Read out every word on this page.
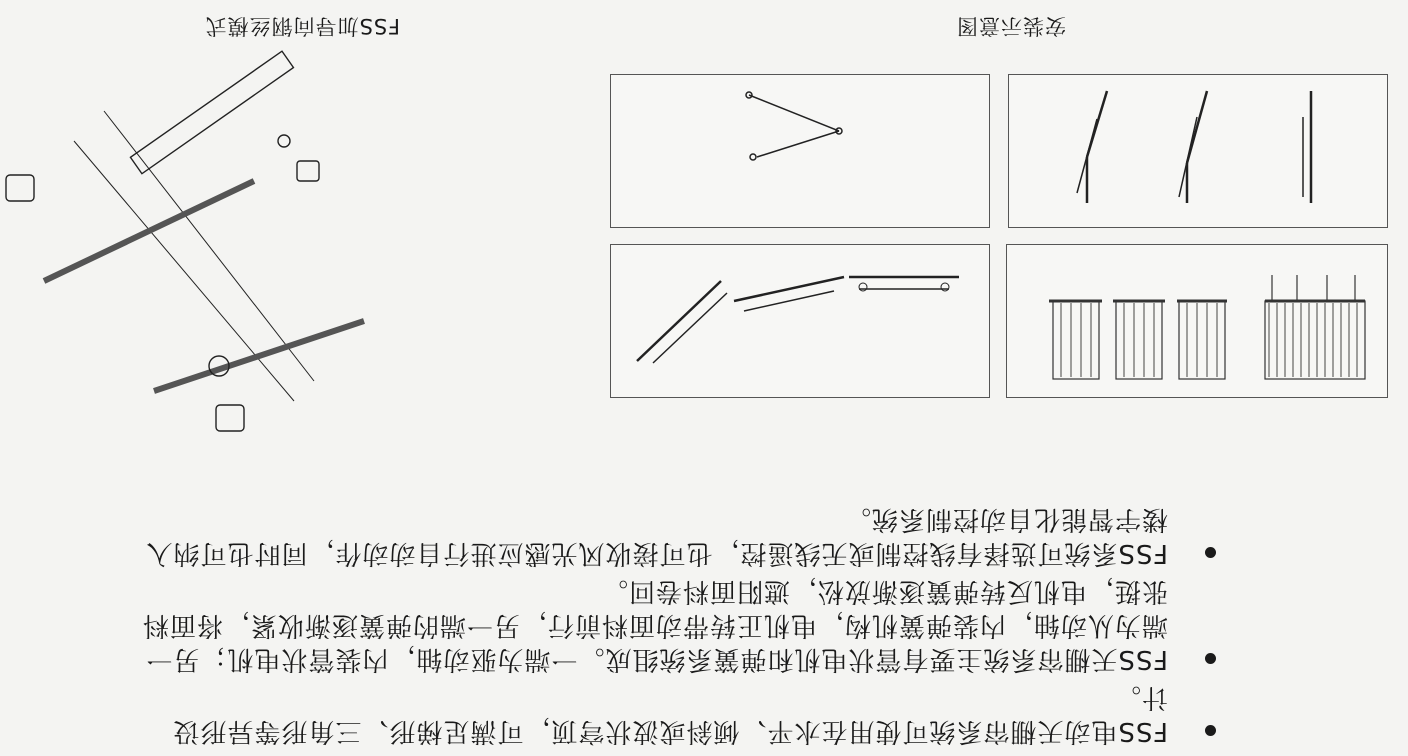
FSS电动天棚帘系统可使用在水平、倾斜或波状穹顶，可满足梯形、三角形等异形设计。
FSS天棚帘系统主要有管状电机和弹簧系统组成。一端为驱动轴，内装管状电机；另一端为从动轴，内装弹簧机构，电机正转带动面料前行，另一端的弹簧逐渐收紧，将面料张挺，电机反转弹簧逐渐放松，遮阳面料卷回。
FSS系统可选择有线控制或无线遥控，也可接收风光感应进行自动动作，同时也可纳入楼宇智能化自动控制系统。
安装示意图
FSS加导向钢丝模式
